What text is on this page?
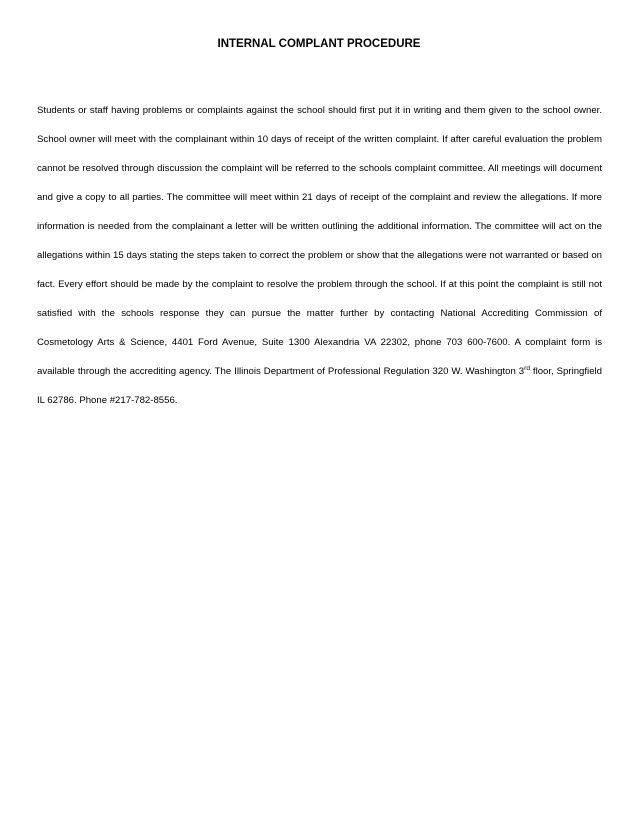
INTERNAL COMPLANT PROCEDURE

Students or staff having problems or complaints against the school should first put it in writing and them given to the school owner. School owner will meet with the complainant within 10 days of receipt of the written complaint. If after careful evaluation the problem cannot be resolved through discussion the complaint will be referred to the schools complaint committee. All meetings will document and give a copy to all parties. The committee will meet within 21 days of receipt of the complaint and review the allegations. If more information is needed from the complainant a letter will be written outlining the additional information. The committee will act on the allegations within 15 days stating the steps taken to correct the problem or show that the allegations were not warranted or based on fact. Every effort should be made by the complaint to resolve the problem through the school. If at this point the complaint is still not satisfied with the schools response they can pursue the matter further by contacting National Accrediting Commission of Cosmetology Arts & Science, 4401 Ford Avenue, Suite 1300 Alexandria VA 22302, phone 703 600-7600. A complaint form is available through the accrediting agency. The Illinois Department of Professional Regulation 320 W. Washington 3rd floor, Springfield IL 62786. Phone #217-782-8556.
